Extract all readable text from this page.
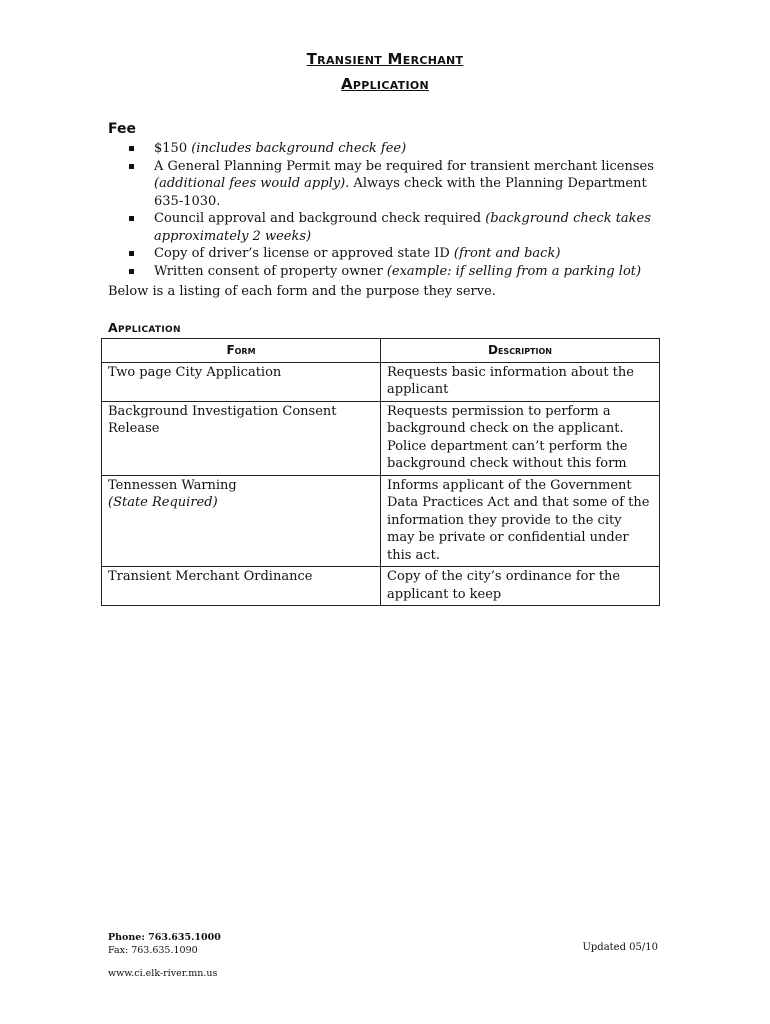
Transient Merchant
Application
Fee
$150 (includes background check fee)
A General Planning Permit may be required for transient merchant licenses (additional fees would apply). Always check with the Planning Department 635-1030.
Council approval and background check required (background check takes approximately 2 weeks)
Copy of driver’s license or approved state ID (front and back)
Written consent of property owner (example: if selling from a parking lot)
Below is a listing of each form and the purpose they serve.
Application
Form	Description

Two page City Application	Requests basic information about the applicant

Background Investigation Consent Release	Requests permission to perform a background check on the applicant. Police department can’t perform the background check without this form

Tennessen Warning
(State Required)	Informs applicant of the Government Data Practices Act and that some of the information they provide to the city may be private or confidential under this act.

Transient Merchant Ordinance	Copy of the city’s ordinance for the applicant to keep
Phone: 763.635.1000
Fax: 763.635.1090
www.ci.elk-river.mn.us
Updated 05/10
